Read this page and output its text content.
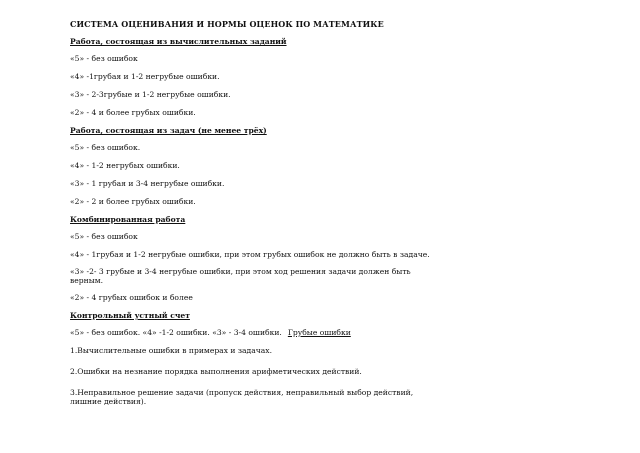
СИСТЕМА ОЦЕНИВАНИЯ И НОРМЫ ОЦЕНОК ПО МАТЕМАТИКЕ
Работа, состоящая из вычислительных заданий
«5» - без ошибок
«4» -1грубая и 1-2 негрубые ошибки.
«3» - 2-3грубые и 1-2 негрубые ошибки.
«2» - 4 и более грубых ошибки.
Работа, состоящая из задач (не менее трёх)
«5» - без ошибок.
«4» - 1-2 негрубых ошибки.
«3» - 1 грубая и 3-4 негрубые ошибки.
«2» - 2 и более грубых ошибки.
Комбинированная работа
«5» - без ошибок
«4» - 1грубая и 1-2 негрубые ошибки, при этом грубых ошибок не должно быть в задаче.
«3» -2- 3 грубые и 3-4 негрубые ошибки, при этом ход решения задачи должен быть верным.
«2» - 4 грубых ошибок и более
Контрольный устный счет
«5» - без ошибок. «4» -1-2 ошибки. «3» - 3-4 ошибки. Грубые ошибки
1.Вычислительные ошибки в примерах и задачах.
2.Ошибки на незнание порядка выполнения арифметических действий.
3.Неправильное решение задачи (пропуск действия, неправильный выбор действий, лишние действия).
